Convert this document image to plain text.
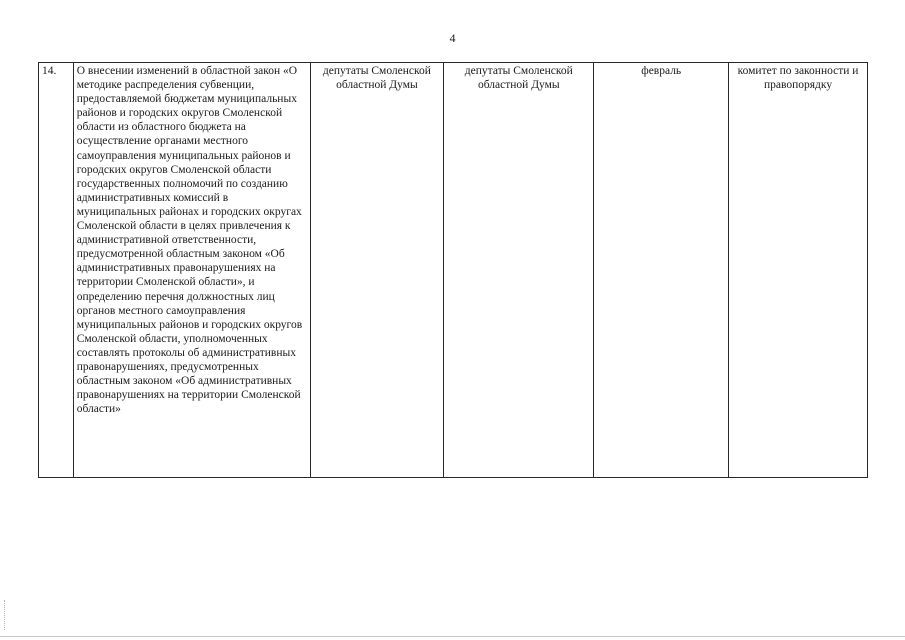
4
14.	О внесении изменений в областной закон «О методике распределения субвенции, предоставляемой бюджетам муниципальных районов и городских округов Смоленской области из областного бюджета на осуществление органами местного самоуправления муниципальных районов и городских округов Смоленской области государственных полномочий по созданию административных комиссий в муниципальных районах и городских округах Смоленской области в целях привлечения к административной ответственности, предусмотренной областным законом «Об административных правонарушениях на территории Смоленской области», и определению перечня должностных лиц органов местного самоуправления муниципальных районов и городских округов Смоленской области, уполномоченных составлять протоколы об административных правонарушениях, предусмотренных областным законом «Об административных правонарушениях на территории Смоленской области»	депутаты Смоленской областной Думы	депутаты Смоленской областной Думы	февраль	комитет по законности и правопорядку
